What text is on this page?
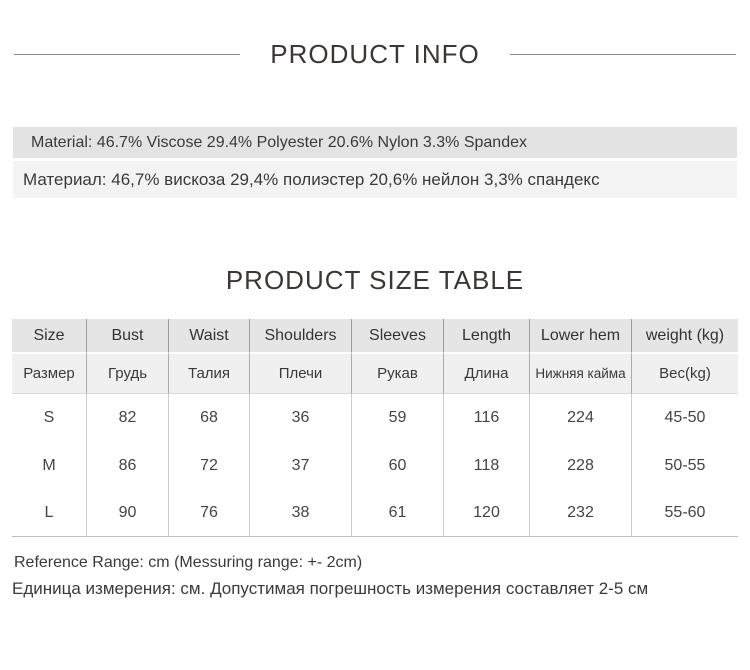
PRODUCT INFO
Material: 46.7% Viscose 29.4% Polyester 20.6% Nylon 3.3% Spandex
Материал: 46,7% вискоза 29,4% полиэстер 20,6% нейлон 3,3% спандекс
PRODUCT SIZE TABLE
Size	Bust	Waist	Shoulders	Sleeves	Length	Lower hem	weight (kg)
Размер	Грудь	Талия	Плечи	Рукав	Длина	Нижняя кайма	Вес(kg)
S	82	68	36	59	116	224	45-50
M	86	72	37	60	118	228	50-55
L	90	76	38	61	120	232	55-60
Reference Range: cm (Messuring range: +- 2cm)
Единица измерения: см. Допустимая погрешность измерения составляет 2-5 см
